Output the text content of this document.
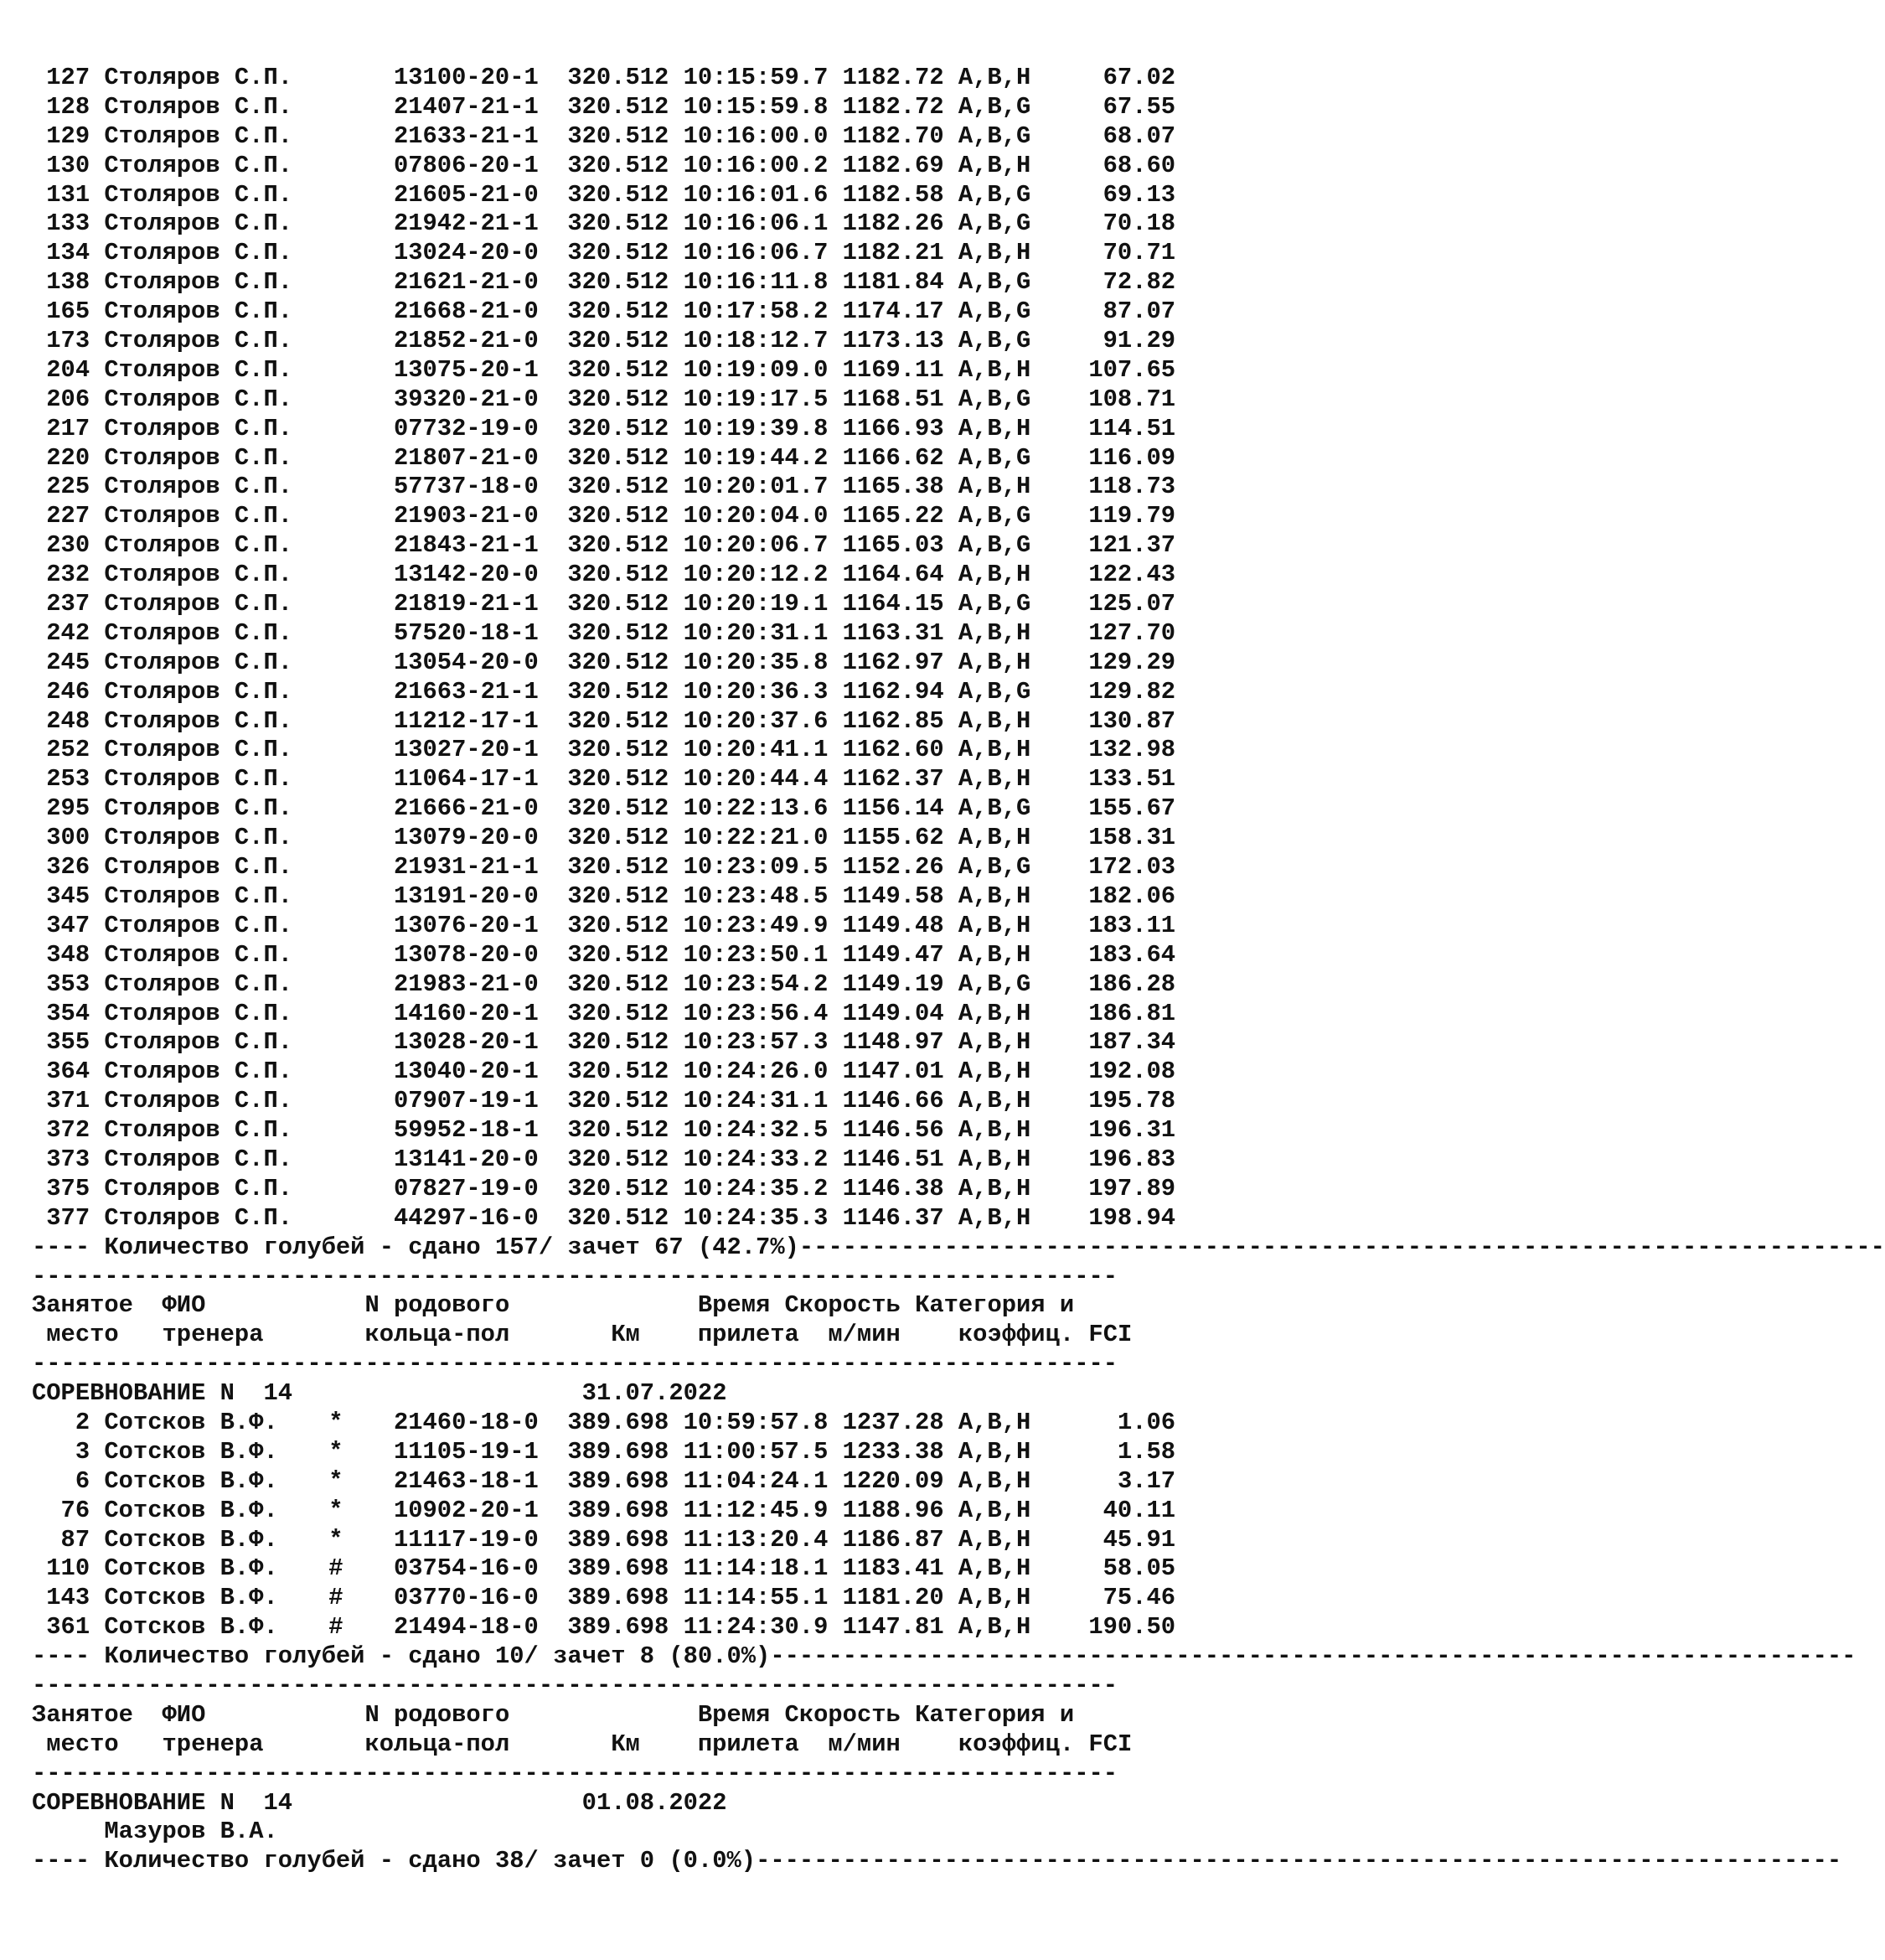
127 Столяров С.П.	13100-20-1 320.512 10:15:59.7 1182.72 A,B,H	67.02
128 Столяров С.П.	21407-21-1 320.512 10:15:59.8 1182.72 A,B,G	67.55
129 Столяров С.П.	21633-21-1 320.512 10:16:00.0 1182.70 A,B,G	68.07
130 Столяров С.П.	07806-20-1 320.512 10:16:00.2 1182.69 A,B,H	68.60
131 Столяров С.П.	21605-21-0 320.512 10:16:01.6 1182.58 A,B,G	69.13
133 Столяров С.П.	21942-21-1 320.512 10:16:06.1 1182.26 A,B,G	70.18
134 Столяров С.П.	13024-20-0 320.512 10:16:06.7 1182.21 A,B,H	70.71
138 Столяров С.П.	21621-21-0 320.512 10:16:11.8 1181.84 A,B,G	72.82
165 Столяров С.П.	21668-21-0 320.512 10:17:58.2 1174.17 A,B,G	87.07
173 Столяров С.П.	21852-21-0 320.512 10:18:12.7 1173.13 A,B,G	91.29
204 Столяров С.П.	13075-20-1 320.512 10:19:09.0 1169.11 A,B,H 107.65
206 Столяров С.П.	39320-21-0 320.512 10:19:17.5 1168.51 A,B,G 108.71
217 Столяров С.П.	07732-19-0 320.512 10:19:39.8 1166.93 A,B,H 114.51
220 Столяров С.П.	21807-21-0 320.512 10:19:44.2 1166.62 A,B,G 116.09
225 Столяров С.П.	57737-18-0 320.512 10:20:01.7 1165.38 A,B,H 118.73
227 Столяров С.П.	21903-21-0 320.512 10:20:04.0 1165.22 A,B,G 119.79
230 Столяров С.П.	21843-21-1 320.512 10:20:06.7 1165.03 A,B,G 121.37
232 Столяров С.П.	13142-20-0 320.512 10:20:12.2 1164.64 A,B,H 122.43
237 Столяров С.П.	21819-21-1 320.512 10:20:19.1 1164.15 A,B,G 125.07
242 Столяров С.П.	57520-18-1 320.512 10:20:31.1 1163.31 A,B,H 127.70
245 Столяров С.П.	13054-20-0 320.512 10:20:35.8 1162.97 A,B,H 129.29
246 Столяров С.П.	21663-21-1 320.512 10:20:36.3 1162.94 A,B,G 129.82
248 Столяров С.П.	11212-17-1 320.512 10:20:37.6 1162.85 A,B,H 130.87
252 Столяров С.П.	13027-20-1 320.512 10:20:41.1 1162.60 A,B,H 132.98
253 Столяров С.П.	11064-17-1 320.512 10:20:44.4 1162.37 A,B,H 133.51
295 Столяров С.П.	21666-21-0 320.512 10:22:13.6 1156.14 A,B,G 155.67
300 Столяров С.П.	13079-20-0 320.512 10:22:21.0 1155.62 A,B,H 158.31
326 Столяров С.П.	21931-21-1 320.512 10:23:09.5 1152.26 A,B,G 172.03
345 Столяров С.П.	13191-20-0 320.512 10:23:48.5 1149.58 A,B,H 182.06
347 Столяров С.П.	13076-20-1 320.512 10:23:49.9 1149.48 A,B,H 183.11
348 Столяров С.П.	13078-20-0 320.512 10:23:50.1 1149.47 A,B,H 183.64
353 Столяров С.П.	21983-21-0 320.512 10:23:54.2 1149.19 A,B,G 186.28
354 Столяров С.П.	14160-20-1 320.512 10:23:56.4 1149.04 A,B,H 186.81
355 Столяров С.П.	13028-20-1 320.512 10:23:57.3 1148.97 A,B,H 187.34
364 Столяров С.П.	13040-20-1 320.512 10:24:26.0 1147.01 A,B,H 192.08
371 Столяров С.П.	07907-19-1 320.512 10:24:31.1 1146.66 A,B,H 195.78
372 Столяров С.П.	59952-18-1 320.512 10:24:32.5 1146.56 A,B,H 196.31
373 Столяров С.П.	13141-20-0 320.512 10:24:33.2 1146.51 A,B,H 196.83
375 Столяров С.П.	07827-19-0 320.512 10:24:35.2 1146.38 A,B,H 197.89
377 Столяров С.П.	44297-16-0 320.512 10:24:35.3 1146.37 A,B,H 198.94
---- Количество голубей - сдано 157/ зачет 67 (42.7%)---------------------------------------------------------------------------
---------------------------------------------------------------------------
Занятое ФИО	N родового	Время Скорость Категория и
место тренера	кольца-пол	Км прилета м/мин коэффиц. FCI
---------------------------------------------------------------------------
СОРЕВНОВАНИЕ N  14	31.07.2022
2 Сотсков В.Ф. * 21460-18-0 389.698 10:59:57.8 1237.28 A,B,H	1.06
3 Сотсков В.Ф. * 11105-19-1 389.698 11:00:57.5 1233.38 A,B,H	1.58
6 Сотсков В.Ф. * 21463-18-1 389.698 11:04:24.1 1220.09 A,B,H	3.17
76 Сотсков В.Ф. * 10902-20-1 389.698 11:12:45.9 1188.96 A,B,H	40.11
87 Сотсков В.Ф. * 11117-19-0 389.698 11:13:20.4 1186.87 A,B,H	45.91
110 Сотсков В.Ф. # 03754-16-0 389.698 11:14:18.1 1183.41 A,B,H	58.05
143 Сотсков В.Ф. # 03770-16-0 389.698 11:14:55.1 1181.20 A,B,H	75.46
361 Сотсков В.Ф. # 21494-18-0 389.698 11:24:30.9 1147.81 A,B,H 190.50
---- Количество голубей - сдано 10/ зачет 8 (80.0%)---------------------------------------------------------------------------
---------------------------------------------------------------------------
Занятое ФИО	N родового	Время Скорость Категория и
место тренера	кольца-пол	Км прилета м/мин коэффиц. FCI
---------------------------------------------------------------------------
СОРЕВНОВАНИЕ N  14	01.08.2022
Мазуров В.А.
---- Количество голубей - сдано 38/ зачет 0 (0.0%)---------------------------------------------------------------------------
